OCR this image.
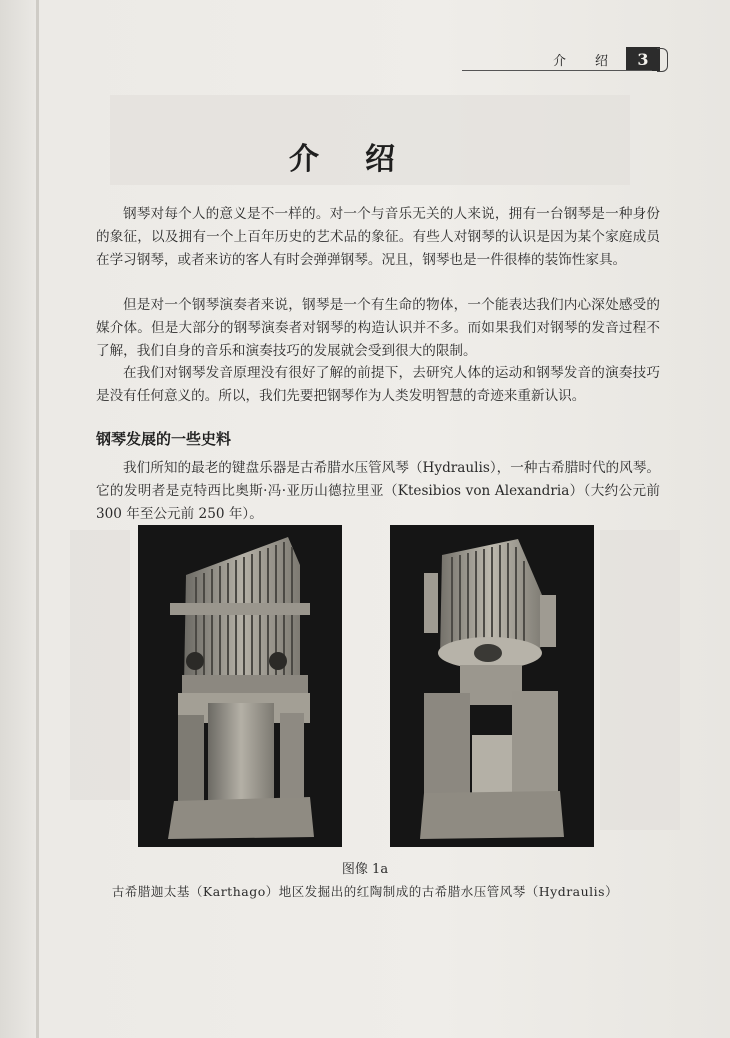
介　绍	3
介绍

钢琴对每个人的意义是不一样的。对一个与音乐无关的人来说，拥有一台钢琴是一种身份的象征，以及拥有一个上百年历史的艺术品的象征。有些人对钢琴的认识是因为某个家庭成员在学习钢琴，或者来访的客人有时会弹弹钢琴。况且，钢琴也是一件很棒的装饰性家具。

但是对一个钢琴演奏者来说，钢琴是一个有生命的物体，一个能表达我们内心深处感受的媒介体。但是大部分的钢琴演奏者对钢琴的构造认识并不多。而如果我们对钢琴的发音过程不了解，我们自身的音乐和演奏技巧的发展就会受到很大的限制。

在我们对钢琴发音原理没有很好了解的前提下，去研究人体的运动和钢琴发音的演奏技巧是没有任何意义的。所以，我们先要把钢琴作为人类发明智慧的奇迹来重新认识。

钢琴发展的一些史料

我们所知的最老的键盘乐器是古希腊水压管风琴（Hydraulis），一种古希腊时代的风琴。它的发明者是克特西比奥斯·冯·亚历山德拉里亚（Ktesibios von Alexandria）（大约公元前 300 年至公元前 250 年）。

图像 1a
古希腊迦太基（Karthago）地区发掘出的红陶制成的古希腊水压管风琴（Hydraulis）
